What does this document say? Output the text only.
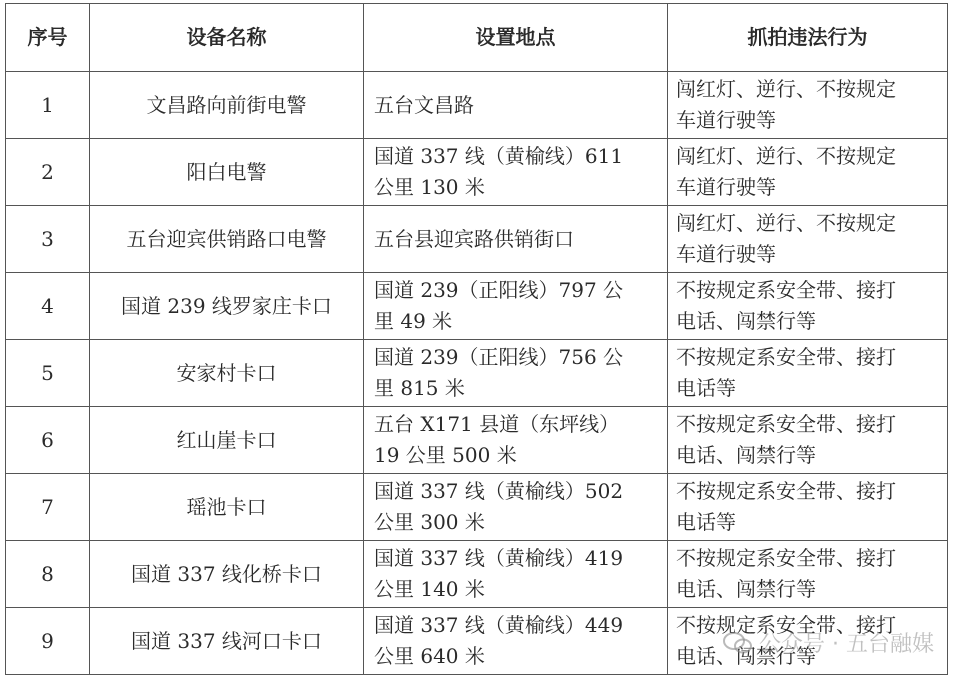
序号	设备名称	设置地点	抓拍违法行为
1	文昌路向前街电警	五台文昌路	闯红灯、逆行、不按规定
车道行驶等

2	阳白电警	国道 337 线（黄榆线）611
公里 130 米	闯红灯、逆行、不按规定
车道行驶等

3	五台迎宾供销路口电警	五台县迎宾路供销街口	闯红灯、逆行、不按规定
车道行驶等

4	国道 239 线罗家庄卡口	国道 239（正阳线）797 公
里 49 米	不按规定系安全带、接打
电话、闯禁行等

5	安家村卡口	国道 239（正阳线）756 公
里 815 米	不按规定系安全带、接打
电话等

6	红山崖卡口	五台 X171 县道（东坪线）
19 公里 500 米	不按规定系安全带、接打
电话、闯禁行等

7	瑶池卡口	国道 337 线（黄榆线）502
公里 300 米	不按规定系安全带、接打
电话等

8	国道 337 线化桥卡口	国道 337 线（黄榆线）419
公里 140 米	不按规定系安全带、接打
电话、闯禁行等

9	国道 337 线河口卡口	国道 337 线（黄榆线）449
公里 640 米	不按规定系安全带、接打
电话、闯禁行等
公众号 · 五台融媒
